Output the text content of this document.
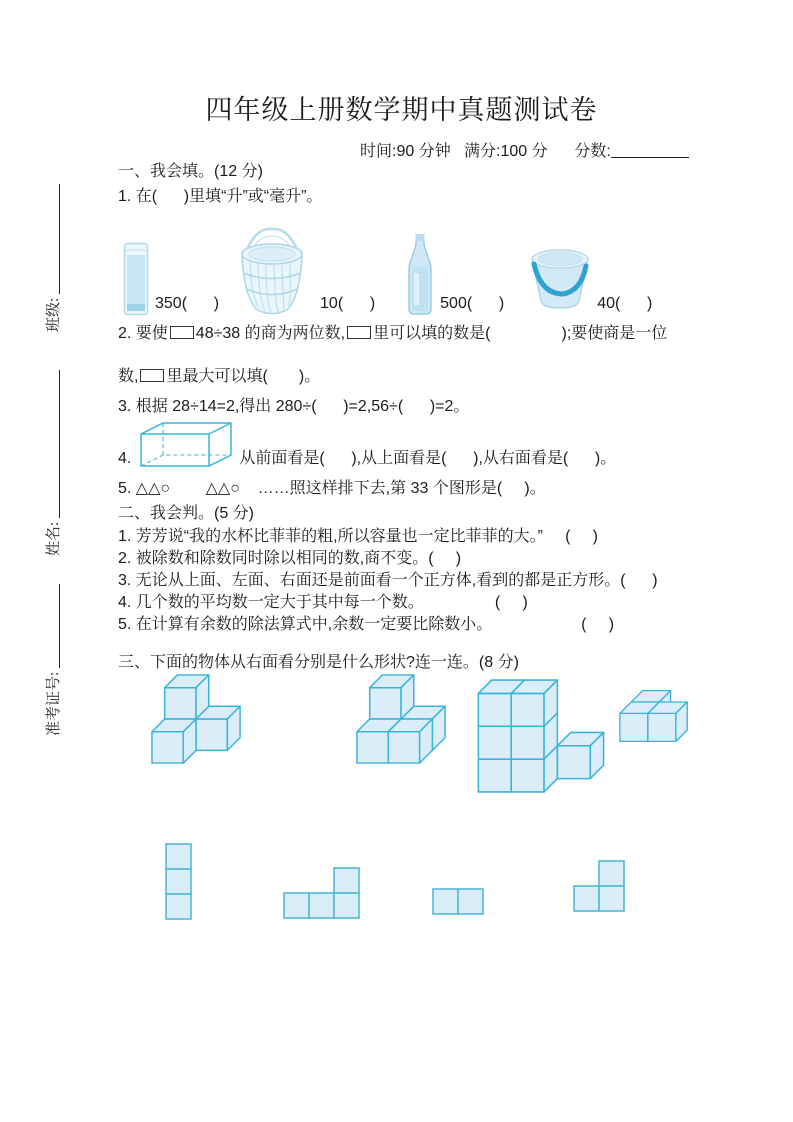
班级:
姓名:
准考证号:
四年级上册数学期中真题测试卷
时间:90 分钟 满分:100 分 分数:
一、我会填。(12 分)
1. 在(      )里填“升”或“毫升”。
350(      )	10(      )	500(      )	40(      )
2. 要使 48÷38 的商为两位数, 里可以填的数是(                );要使商是一位
数, 里最大可以填(       )。
3. 根据 28÷14=2,得出 280÷(      )=2,56÷(      )=2。
4.	从前面看是(      ),从上面看是(      ),从右面看是(      )。
5. △△○        △△○    ……照这样排下去,第 33 个图形是(     )。
二、我会判。(5 分)
1. 芳芳说“我的水杯比菲菲的粗,所以容量也一定比菲菲的大。”     (     )
2. 被除数和除数同时除以相同的数,商不变。(     )
3. 无论从上面、左面、右面还是前面看一个正方体,看到的都是正方形。(      )
4. 几个数的平均数一定大于其中每一个数。                (     )
5. 在计算有余数的除法算式中,余数一定要比除数小。                    (     )
三、下面的物体从右面看分别是什么形状?连一连。(8 分)
